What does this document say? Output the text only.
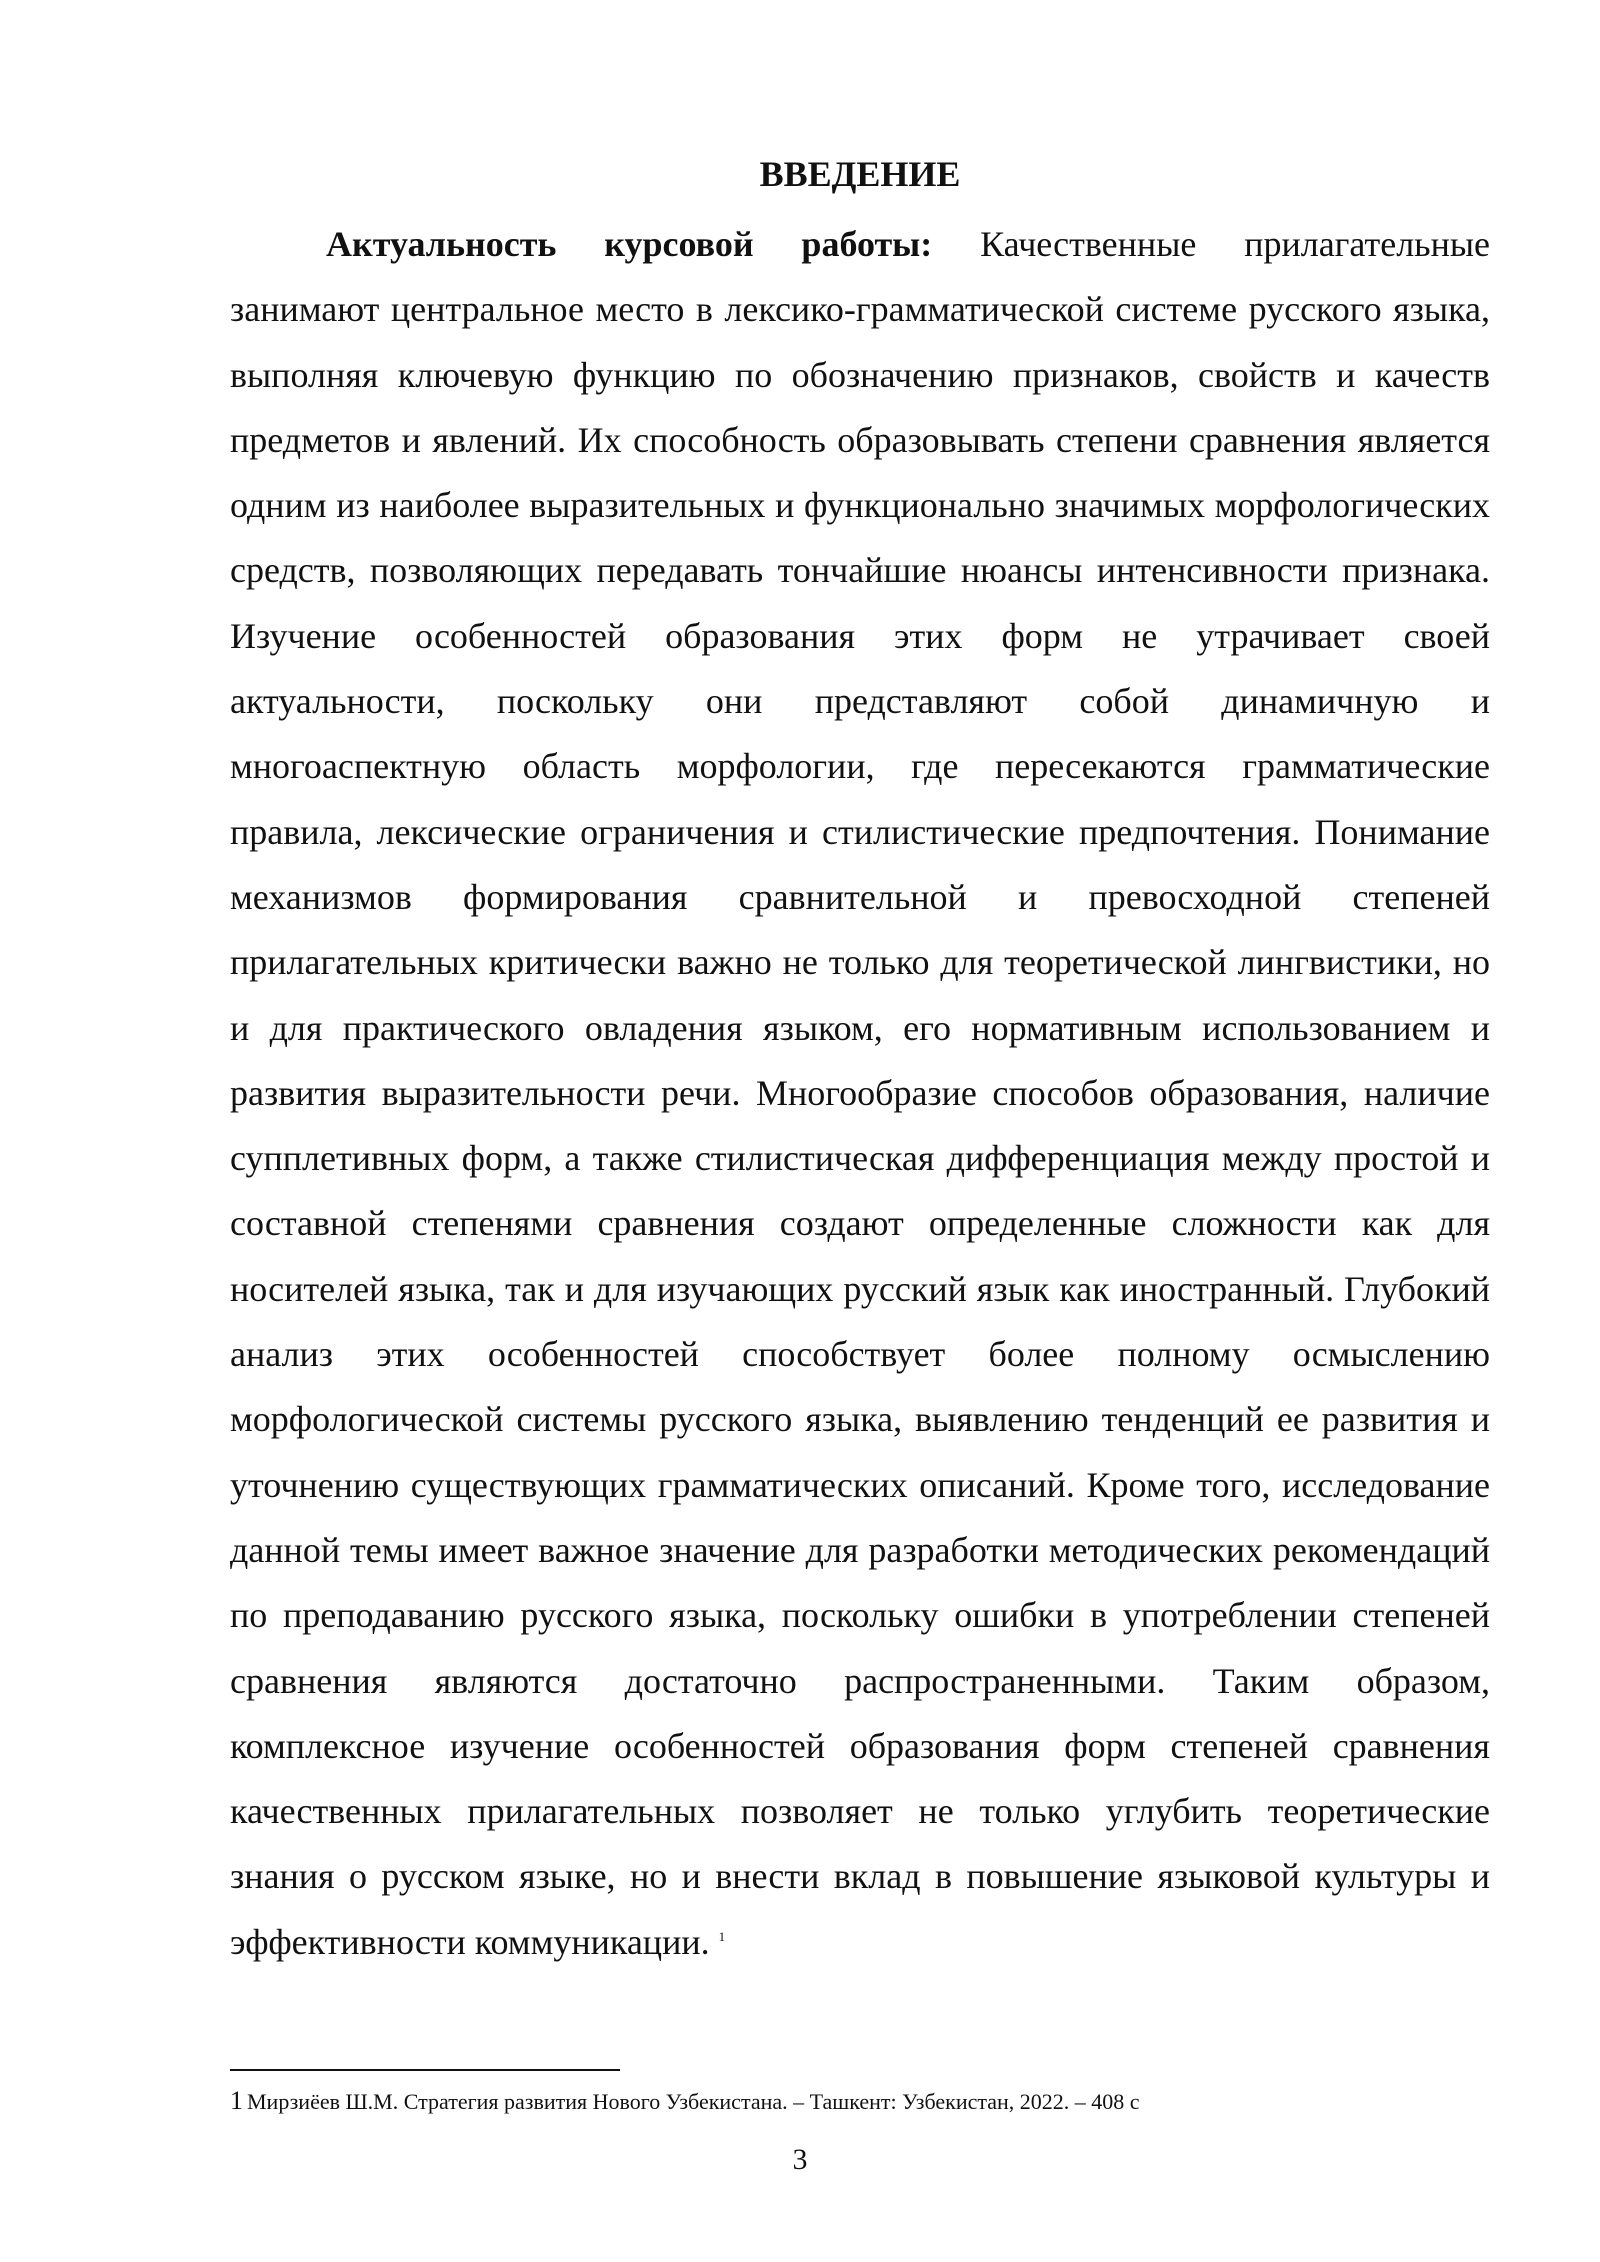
ВВЕДЕНИЕ

Актуальность курсовой работы: Качественные прилагательные занимают центральное место в лексико-грамматической системе русского языка, выполняя ключевую функцию по обозначению признаков, свойств и качеств предметов и явлений. Их способность образовывать степени сравнения является одним из наиболее выразительных и функционально значимых морфологических средств, позволяющих передавать тончайшие нюансы интенсивности признака. Изучение особенностей образования этих форм не утрачивает своей актуальности, поскольку они представляют собой динамичную и многоаспектную область морфологии, где пересекаются грамматические правила, лексические ограничения и стилистические предпочтения. Понимание механизмов формирования сравнительной и превосходной степеней прилагательных критически важно не только для теоретической лингвистики, но и для практического овладения языком, его нормативным использованием и развития выразительности речи. Многообразие способов образования, наличие супплетивных форм, а также стилистическая дифференциация между простой и составной степенями сравнения создают определенные сложности как для носителей языка, так и для изучающих русский язык как иностранный. Глубокий анализ этих особенностей способствует более полному осмыслению морфологической системы русского языка, выявлению тенденций ее развития и уточнению существующих грамматических описаний. Кроме того, исследование данной темы имеет важное значение для разработки методических рекомендаций по преподаванию русского языка, поскольку ошибки в употреблении степеней сравнения являются достаточно распространенными. Таким образом, комплексное изучение особенностей образования форм степеней сравнения качественных прилагательных позволяет не только углубить теоретические знания о русском языке, но и внести вклад в повышение языковой культуры и эффективности коммуникации. $^1$

1 Мирзиёев Ш.М. Стратегия развития Нового Узбекистана. – Ташкент: Узбекистан, 2022. – 408 с

3
